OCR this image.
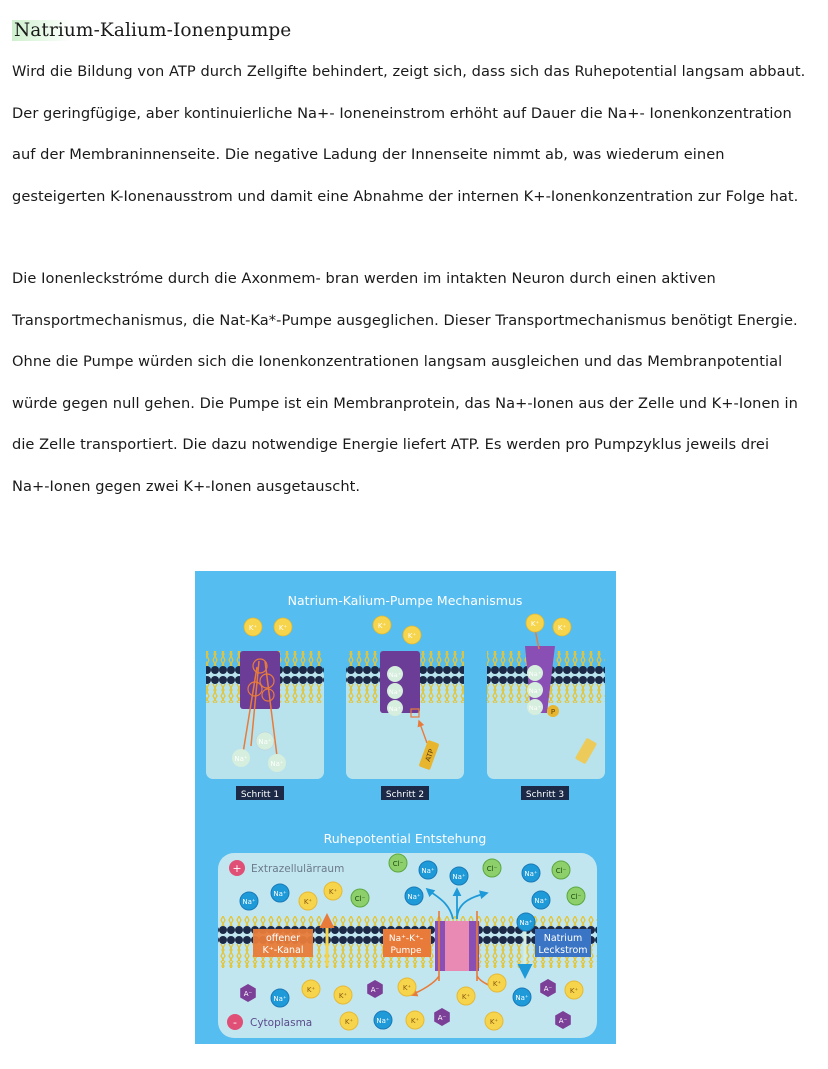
Natrium-Kalium-Ionenpumpe
Wird die Bildung von ATP durch Zellgifte behindert, zeigt sich, dass sich das Ruhepotential langsam abbaut.
Der geringfügige, aber kontinuierliche Na+- Ioneneinstrom erhöht auf Dauer die Na+- Ionenkonzentration
auf der Membraninnenseite. Die negative Ladung der Innenseite nimmt ab, was wiederum einen
gesteigerten K-Ionenausstrom und damit eine Abnahme der internen K+-Ionenkonzentration zur Folge hat.
Die Ionenleckstróme durch die Axonmem- bran werden im intakten Neuron durch einen aktiven
Transportmechanismus, die Nat-Ka*-Pumpe ausgeglichen. Dieser Transportmechanismus benötigt Energie.
Ohne die Pumpe würden sich die Ionenkonzentrationen langsam ausgleichen und das Membranpotential
würde gegen null gehen. Die Pumpe ist ein Membranprotein, das Na+-Ionen aus der Zelle und K+-Ionen in
die Zelle transportiert. Die dazu notwendige Energie liefert ATP. Es werden pro Pumpzyklus jeweils drei
Na+-Ionen gegen zwei K+-Ionen ausgetauscht.
Natrium-Kalium-Pumpe Mechanismus
Na⁺
Na⁺
Na⁺
K⁺	K⁺
Schritt 1
Na⁺
Na⁺
Na⁺
ATP
K⁺
K⁺
Schritt 2
Na⁺
Na⁺
Na⁺ P
K⁺	K⁺
Schritt 3
Ruhepotential Entstehung
offener
K⁺-Kanal
Na⁺-K⁺-
Pumpe
Natrium
Leckstrom
+ Extrazellulärraum
- Cytoplasma
Cl⁻
Na⁺
Na⁺
Cl⁻
Na⁺	Cl⁻
Na⁺
K⁺
K⁺
Cl⁻
Na⁺
Na⁺	Na⁺	Cl⁻
Na⁺
A⁻
Na⁺
K⁺
K⁺
A⁻	K⁺
K⁺
K⁺
Na⁺
A⁻	K⁺
K⁺	Na⁺	K⁺	A⁻	K⁺	A⁻
